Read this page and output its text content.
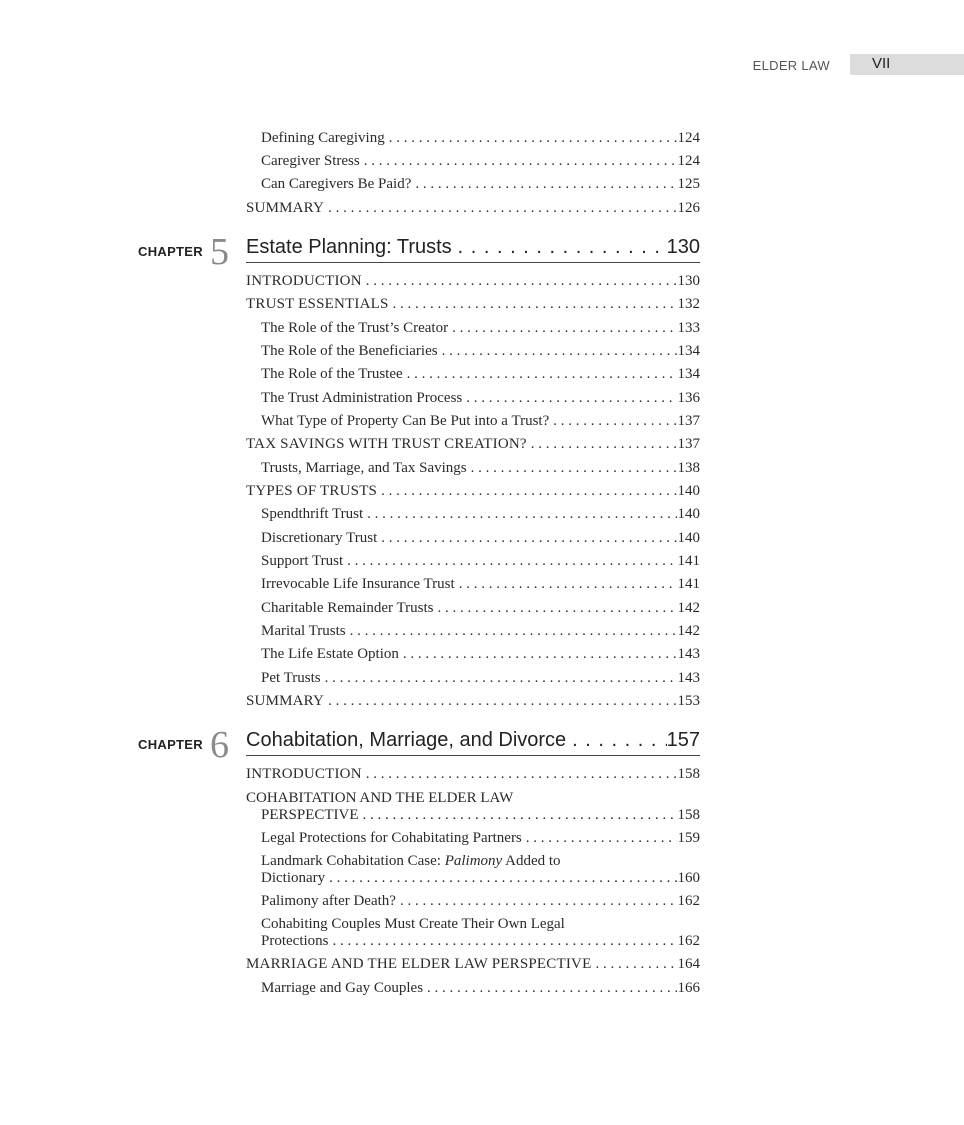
ELDER LAW	VII
Defining Caregiving . . .	124
Caregiver Stress . . .	124
Can Caregivers Be Paid? . . .	125
SUMMARY . . .	126
CHAPTER 5 Estate Planning: Trusts . . .	130
INTRODUCTION . . .	130
TRUST ESSENTIALS . . .	132
The Role of the Trust’s Creator . . .	133
The Role of the Beneficiaries . . .	134
The Role of the Trustee . . .	134
The Trust Administration Process . . .	136
What Type of Property Can Be Put into a Trust? . . .	137
TAX SAVINGS WITH TRUST CREATION? . . .	137
Trusts, Marriage, and Tax Savings . . .	138
TYPES OF TRUSTS . . .	140
Spendthrift Trust . . .	140
Discretionary Trust . . .	140
Support Trust . . .	141
Irrevocable Life Insurance Trust . . .	141
Charitable Remainder Trusts . . .	142
Marital Trusts . . .	142
The Life Estate Option . . .	143
Pet Trusts . . .	143
SUMMARY . . .	153
CHAPTER 6 Cohabitation, Marriage, and Divorce . . .	157
INTRODUCTION . . .	158
COHABITATION AND THE ELDER LAW
PERSPECTIVE . . .	158
Legal Protections for Cohabitating Partners . . .	159
Landmark Cohabitation Case: Palimony Added to
Dictionary . . .	160
Palimony after Death? . . .	162
Cohabiting Couples Must Create Their Own Legal
Protections . . .	162
MARRIAGE AND THE ELDER LAW PERSPECTIVE . . .	164
Marriage and Gay Couples . . .	166
